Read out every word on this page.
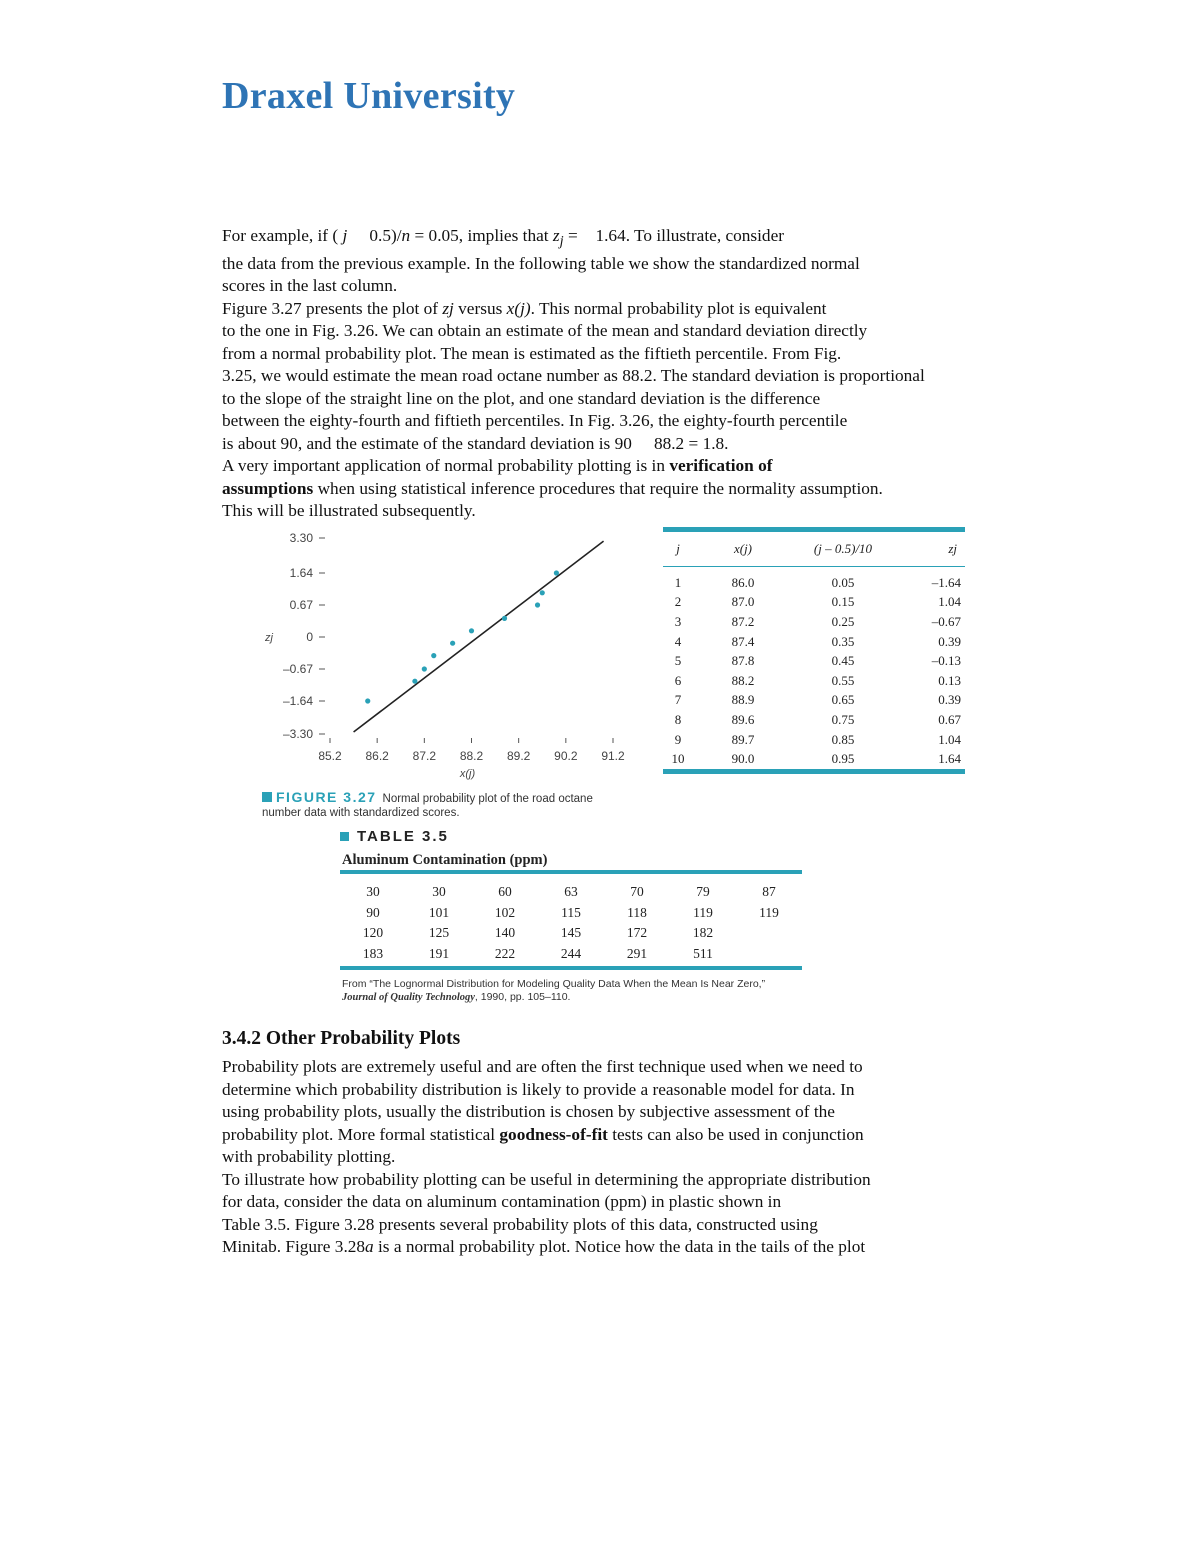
Draxel University
For example, if ( j   0.5)/n = 0.05, implies that $z_j$ =  1.64. To illustrate, consider
the data from the previous example. In the following table we show the standardized normal
scores in the last column.
Figure 3.27 presents the plot of zj versus x(j). This normal probability plot is equivalent
to the one in Fig. 3.26. We can obtain an estimate of the mean and standard deviation directly
from a normal probability plot. The mean is estimated as the fiftieth percentile. From Fig.
3.25, we would estimate the mean road octane number as 88.2. The standard deviation is proportional
to the slope of the straight line on the plot, and one standard deviation is the difference
between the eighty-fourth and fiftieth percentiles. In Fig. 3.26, the eighty-fourth percentile
is about 90, and the estimate of the standard deviation is 90   88.2 = 1.8.
A very important application of normal probability plotting is in verification of
assumptions when using statistical inference procedures that require the normality assumption.
This will be illustrated subsequently.
85.2 86.2 87.2 88.2 89.2 90.2 91.2
3.30
1.64
0.67
0
–0.67
–1.64
–3.30
x(j)
zj
FIGURE 3.27 Normal probability plot of the road octane number data with standardized scores.
j	x(j)	(j – 0.5)/10	zj
1	86.0	0.05	–1.64
2	87.0	0.15	1.04
3	87.2	0.25	–0.67
4	87.4	0.35	0.39
5	87.8	0.45	–0.13
6	88.2	0.55	0.13
7	88.9	0.65	0.39
8	89.6	0.75	0.67
9	89.7	0.85	1.04
10	90.0	0.95	1.64
TABLE 3.5
Aluminum Contamination (ppm)
30	30	60	63	70	79	87
90	101	102	115	118	119	119
120	125	140	145	172	182	
183	191	222	244	291	511	
From “The Lognormal Distribution for Modeling Quality Data When the Mean Is Near Zero,”
Journal of Quality Technology, 1990, pp. 105–110.
3.4.2 Other Probability Plots
Probability plots are extremely useful and are often the first technique used when we need to
determine which probability distribution is likely to provide a reasonable model for data. In
using probability plots, usually the distribution is chosen by subjective assessment of the
probability plot. More formal statistical goodness-of-fit tests can also be used in conjunction
with probability plotting.
To illustrate how probability plotting can be useful in determining the appropriate distribution
for data, consider the data on aluminum contamination (ppm) in plastic shown in
Table 3.5. Figure 3.28 presents several probability plots of this data, constructed using
Minitab. Figure 3.28a is a normal probability plot. Notice how the data in the tails of the plot
